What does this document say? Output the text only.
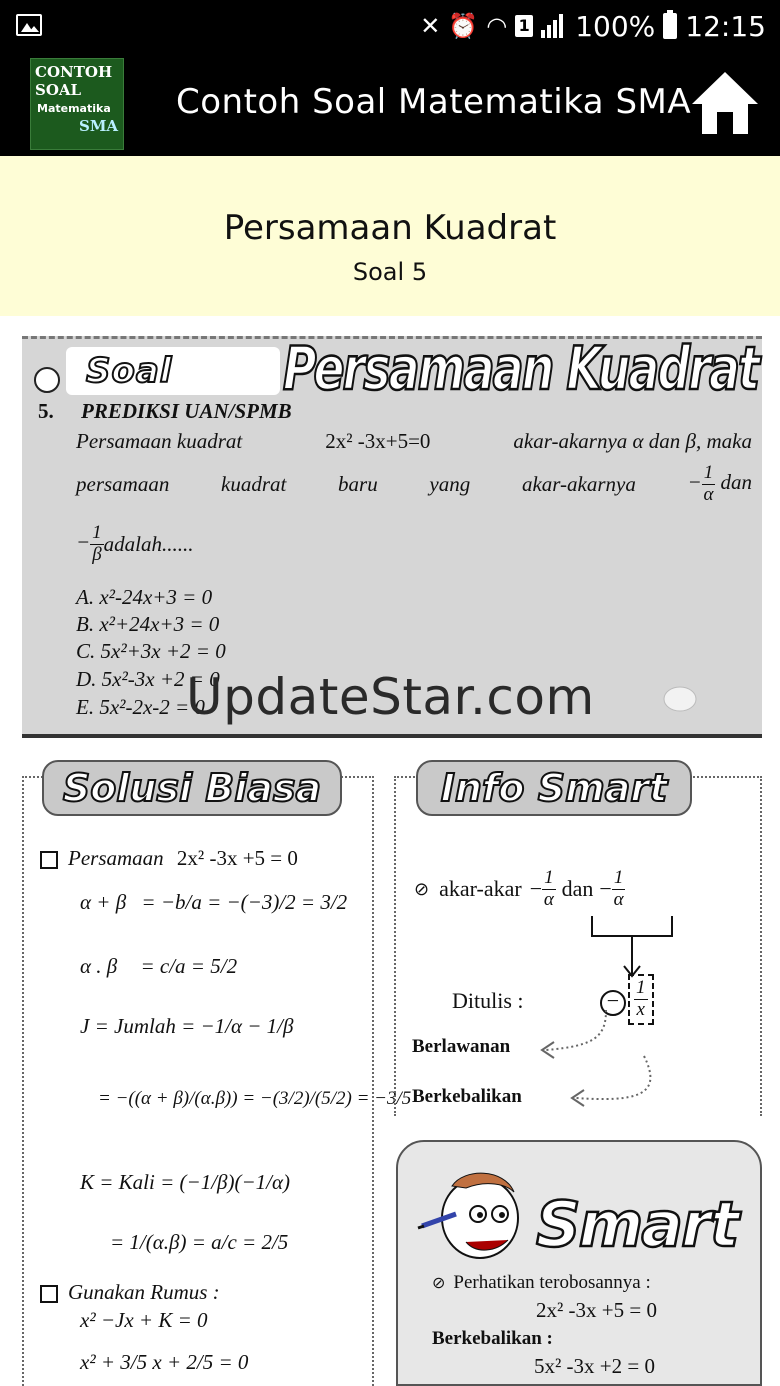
✕ ⏰ ◠ 1 100% 12:15
CONTOH
SOAL
Matematika
SMA
Contoh Soal Matematika SMA
Persamaan Kuadrat
Soal 5
Soal	Persamaan Kuadrat
5. PREDIKSI UAN/SPMB
Persamaan kuadrat	2x² -3x+5=0	akar-akarnya α dan β, maka
persamaan kuadrat baru yang akar-akarnya − $\frac{1}{\alpha}$ dan
− $\frac{1}{\beta}$ adalah......
A. x²-24x+3 = 0
B. x²+24x+3 = 0
C. 5x²+3x +2 = 0
D. 5x²-3x +2 = 0
E. 5x²-2x-2 = 0
UpdateStar.com
Solusi Biasa
Persamaan 2x² -3x +5 = 0
α + β = −b/a = −(−3)/2 = 3/2
α . β = c/a = 5/2
J = Jumlah = −1/α − 1/β
= −((α + β)/(α.β)) = −(3/2)/(5/2) = −3/5
K = Kali = (−1/β)(−1/α)
= 1/(α.β) = a/c = 2/5
Gunakan Rumus :
x² −Jx + K = 0
x² + 3/5 x + 2/5 = 0
Info Smart
⊘ akar-akar − $\frac{1}{\alpha}$ dan − $\frac{1}{\alpha}$
Ditulis :	− $\frac{1}{x}$
Berlawanan
Berkebalikan
Smart
⊘ Perhatikan terobosannya :
2x² -3x +5 = 0
Berkebalikan :
5x² -3x +2 = 0
